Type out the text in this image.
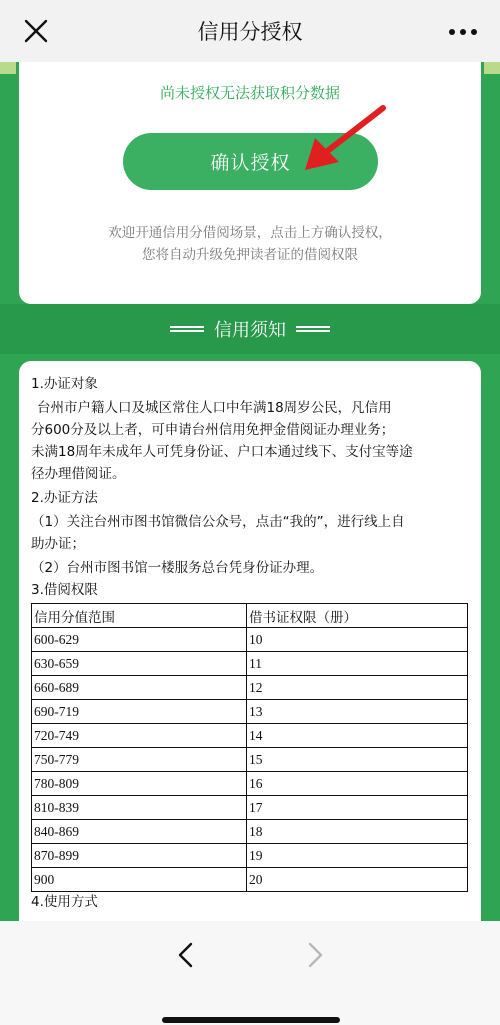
信用分授权
尚未授权无法获取积分数据
确认授权
欢迎开通信用分借阅场景，点击上方确认授权，
您将自动升级免押读者证的借阅权限
信用须知
1.办证对象
台州市户籍人口及城区常住人口中年满18周岁公民，凡信用
分600分及以上者，可申请台州信用免押金借阅证办理业务；
未满18周年未成年人可凭身份证、户口本通过线下、支付宝等途
径办理借阅证。
2.办证方法
（1）关注台州市图书馆微信公众号，点击“我的”，进行线上自
助办证；
（2）台州市图书馆一楼服务总台凭身份证办理。
3.借阅权限
信用分值范围	借书证权限（册）
600-629	10
630-659	11
660-689	12
690-719	13
720-749	14
750-779	15
780-809	16
810-839	17
840-869	18
870-899	19
900	20
4.使用方式
